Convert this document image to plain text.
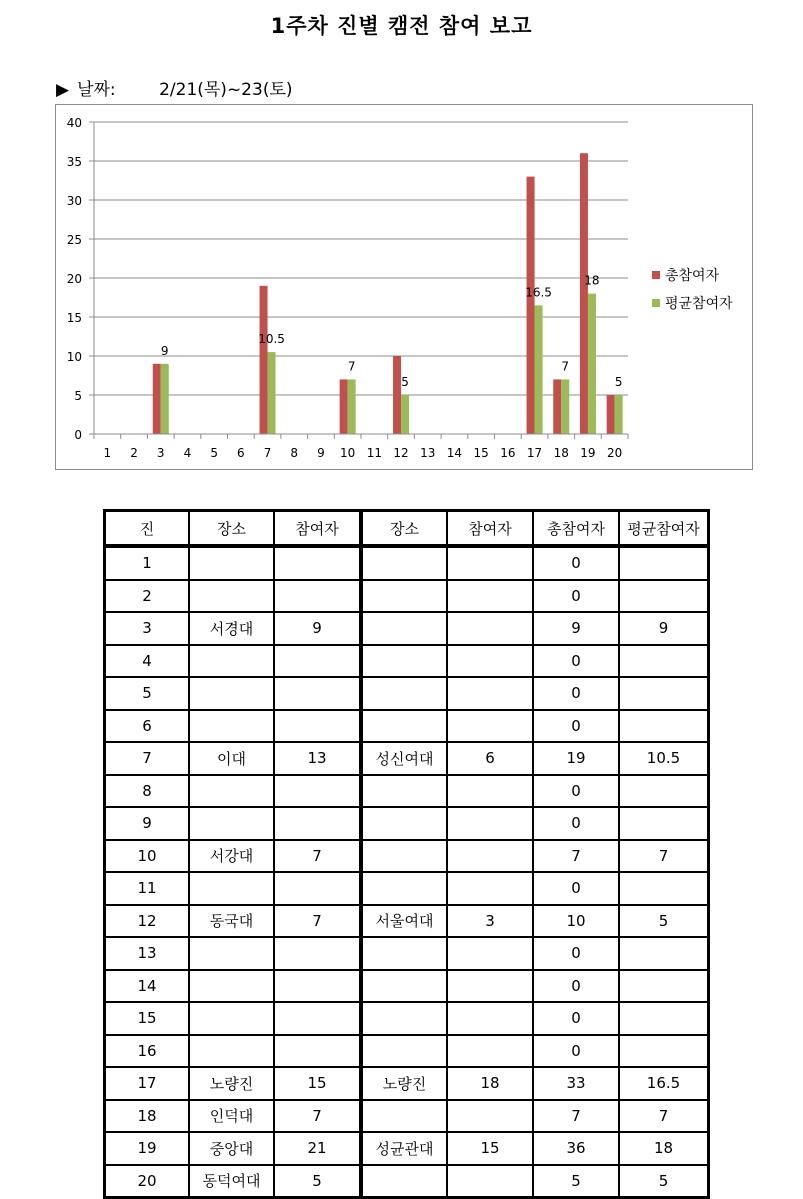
1주차 진별 캠전 참여 보고
▶ 날짜:	2/21(목)~23(토)
0
5
10
15
20
25
30
35
40
1 2 3 4 5 6 7 8 9 10 11 12 13 14 15 16 17 18 19 20
9
10.5
7
5
16.5
7
18
5
총참여자
평균참여자
진	장소	참여자	장소	참여자	총참여자	평균참여자
1					0	
2					0	
3	서경대	9			9	9
4					0	
5					0	
6					0	
7	이대	13	성신여대	6	19	10.5
8					0	
9					0	
10	서강대	7			7	7
11					0	
12	동국대	7	서울여대	3	10	5
13					0	
14					0	
15					0	
16					0	
17	노량진	15	노량진	18	33	16.5
18	인덕대	7			7	7
19	중앙대	21	성균관대	15	36	18
20	동덕여대	5			5	5
